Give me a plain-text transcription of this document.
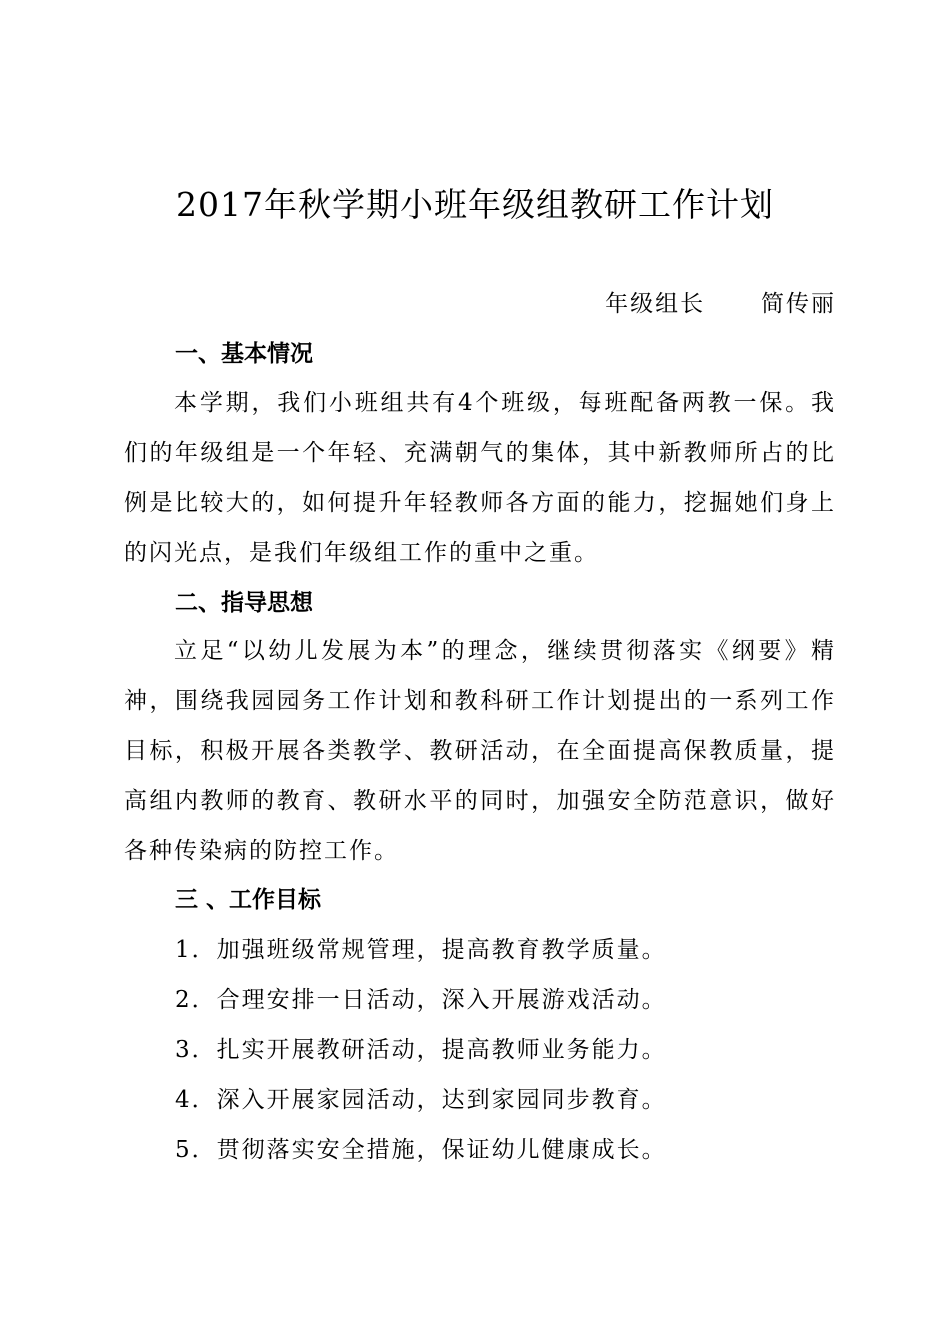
2017年秋学期小班年级组教研工作计划
年级组长      简传丽
一、基本情况

本学期，我们小班组共有4个班级，每班配备两教一保。我们的年级组是一个年轻、充满朝气的集体，其中新教师所占的比例是比较大的，如何提升年轻教师各方面的能力，挖掘她们身上的闪光点，是我们年级组工作的重中之重。

二、指导思想

立足“以幼儿发展为本”的理念，继续贯彻落实《纲要》精神，围绕我园园务工作计划和教科研工作计划提出的一系列工作目标，积极开展各类教学、教研活动，在全面提高保教质量，提高组内教师的教育、教研水平的同时，加强安全防范意识，做好各种传染病的防控工作。

三 、工作目标
1．加强班级常规管理，提高教育教学质量。
2．合理安排一日活动，深入开展游戏活动。
3．扎实开展教研活动，提高教师业务能力。
4．深入开展家园活动，达到家园同步教育。
5．贯彻落实安全措施，保证幼儿健康成长。
